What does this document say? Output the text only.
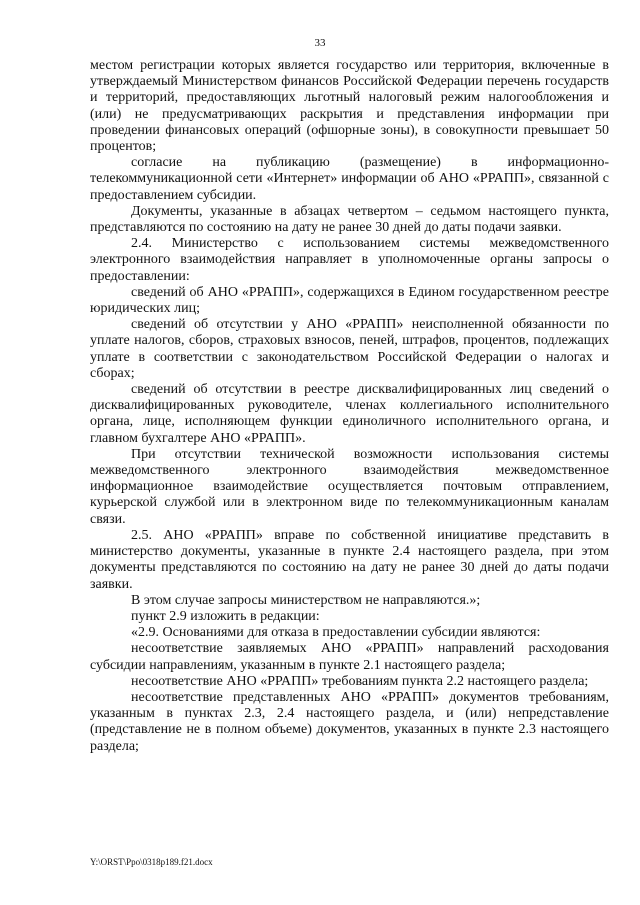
33

местом регистрации которых является государство или территория, включенные в утверждаемый Министерством финансов Российской Федерации перечень государств и территорий, предоставляющих льготный налоговый режим налогообложения и (или) не предусматривающих раскрытия и представления информации при проведении финансовых операций (офшорные зоны), в совокупности превышает 50 процентов;

согласие на публикацию (размещение) в информационно-телекоммуникационной сети «Интернет» информации об АНО «РРАПП», связанной с предоставлением субсидии.

Документы, указанные в абзацах четвертом – седьмом настоящего пункта, представляются по состоянию на дату не ранее 30 дней до даты подачи заявки.

2.4. Министерство с использованием системы межведомственного электронного взаимодействия направляет в уполномоченные органы запросы о предоставлении:

сведений об АНО «РРАПП», содержащихся в Едином государственном реестре юридических лиц;

сведений об отсутствии у АНО «РРАПП» неисполненной обязанности по уплате налогов, сборов, страховых взносов, пеней, штрафов, процентов, подлежащих уплате в соответствии с законодательством Российской Федерации о налогах и сборах;

сведений об отсутствии в реестре дисквалифицированных лиц сведений о дисквалифицированных руководителе, членах коллегиального исполнительного органа, лице, исполняющем функции единоличного исполнительного органа, и главном бухгалтере АНО «РРАПП».

При отсутствии технической возможности использования системы межведомственного электронного взаимодействия межведомственное информационное взаимодействие осуществляется почтовым отправлением, курьерской службой или в электронном виде по телекоммуникационным каналам связи.

2.5. АНО «РРАПП» вправе по собственной инициативе представить в министерство документы, указанные в пункте 2.4 настоящего раздела, при этом документы представляются по состоянию на дату не ранее 30 дней до даты подачи заявки.

В этом случае запросы министерством не направляются.»;

пункт 2.9 изложить в редакции:

«2.9. Основаниями для отказа в предоставлении субсидии являются:

несоответствие заявляемых АНО «РРАПП» направлений расходования субсидии направлениям, указанным в пункте 2.1 настоящего раздела;

несоответствие АНО «РРАПП» требованиям пункта 2.2 настоящего раздела;

несоответствие представленных АНО «РРАПП» документов требованиям, указанным в пунктах 2.3, 2.4 настоящего раздела, и (или) непредставление (представление не в полном объеме) документов, указанных в пункте 2.3 настоящего раздела;

Y:\ORST\Ppo\0318p189.f21.docx
